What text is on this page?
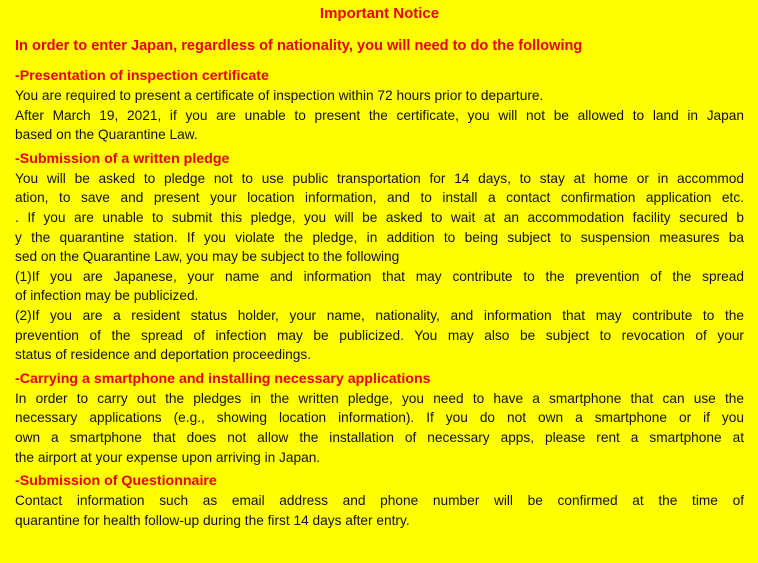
Important Notice
In order to enter Japan, regardless of nationality, you will need to do the following
-Presentation of inspection certificate

You are required to present a certificate of inspection within 72 hours prior to departure.

After March 19, 2021, if you are unable to present the certificate, you will not be allowed to land in Japan

based on the Quarantine Law.

-Submission of a written pledge

You will be asked to pledge not to use public transportation for 14 days, to stay at home or in accommod

ation, to save and present your location information, and to install a contact confirmation application etc.

. If you are unable to submit this pledge, you will be asked to wait at an accommodation facility secured b

y the quarantine station. If you violate the pledge, in addition to being subject to suspension measures ba

sed on the Quarantine Law, you may be subject to the following

(1)If you are Japanese, your name and information that may contribute to the prevention of the spread

of infection may be publicized.

(2)If you are a resident status holder, your name, nationality, and information that may contribute to the

prevention of the spread of infection may be publicized. You may also be subject to revocation of your

status of residence and deportation proceedings.

-Carrying a smartphone and installing necessary applications

In order to carry out the pledges in the written pledge, you need to have a smartphone that can use the

necessary applications (e.g., showing location information). If you do not own a smartphone or if you

own a smartphone that does not allow the installation of necessary apps, please rent a smartphone at

the airport at your expense upon arriving in Japan.

-Submission of Questionnaire

Contact information such as email address and phone number will be confirmed at the time of

quarantine for health follow-up during the first 14 days after entry.
